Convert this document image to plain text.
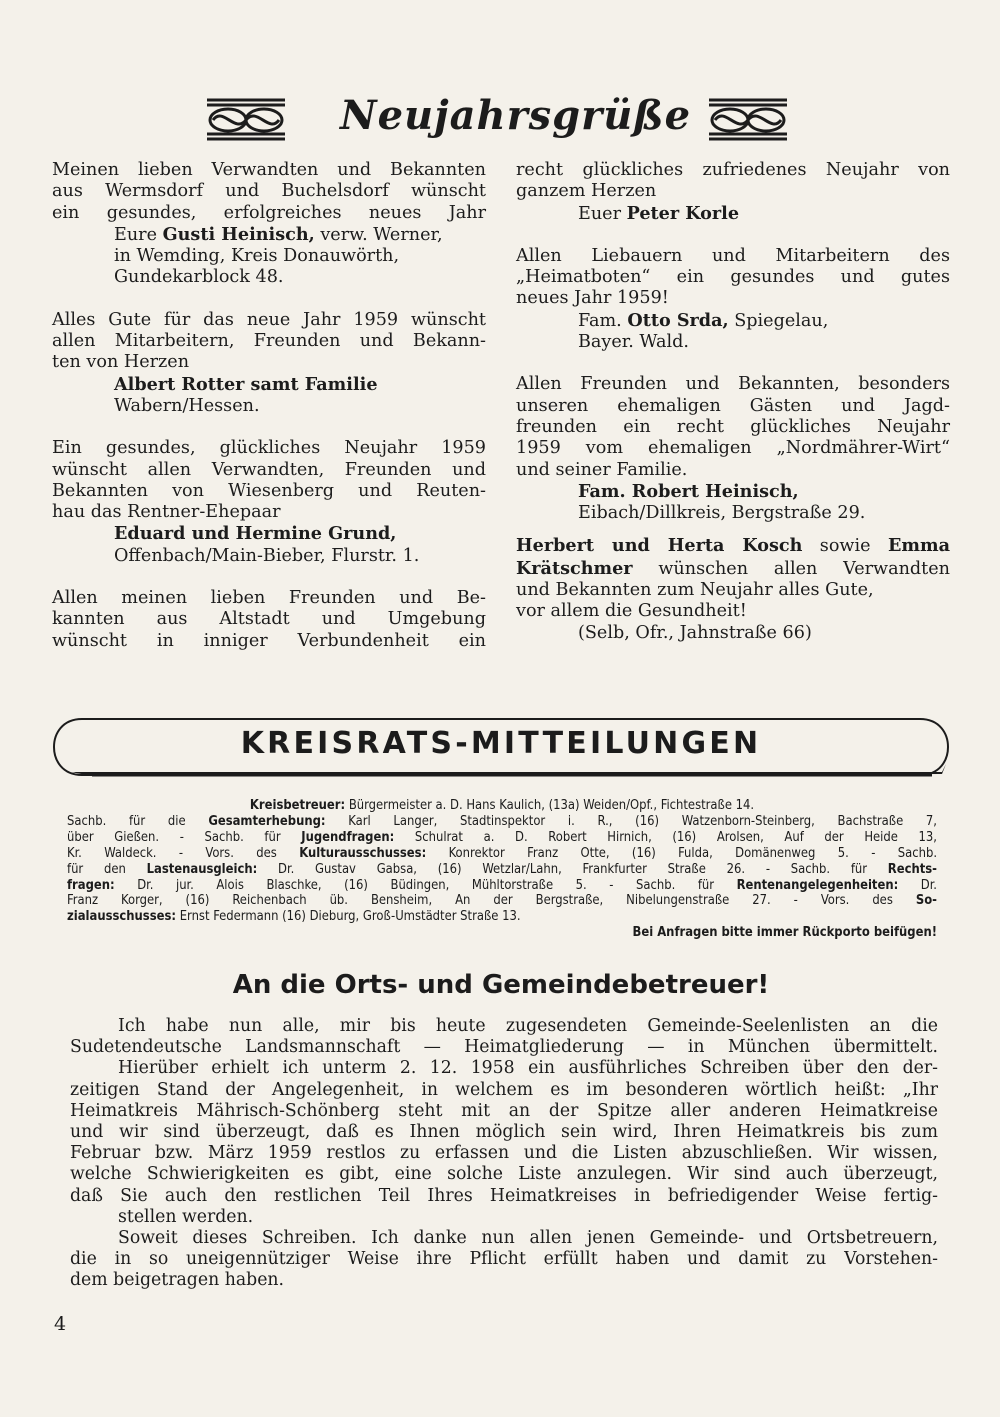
Neujahrsgrüße

Meinen lieben Verwandten und Bekannten

aus Wermsdorf und Buchelsdorf wünscht

ein gesundes, erfolgreiches neues Jahr

Eure Gusti Heinisch, verw. Werner,

in Wemding, Kreis Donauwörth,

Gundekarblock 48.

Alles Gute für das neue Jahr 1959 wünscht

allen Mitarbeitern, Freunden und Bekann-

ten von Herzen

Albert Rotter samt Familie

Wabern/Hessen.

Ein gesundes, glückliches Neujahr 1959

wünscht allen Verwandten, Freunden und

Bekannten von Wiesenberg und Reuten-

hau das Rentner-Ehepaar

Eduard und Hermine Grund,

Offenbach/Main-Bieber, Flurstr. 1.

Allen meinen lieben Freunden und Be-

kannten aus Altstadt und Umgebung

wünscht in inniger Verbundenheit ein

recht glückliches zufriedenes Neujahr von

ganzem Herzen

Euer Peter Korle

Allen Liebauern und Mitarbeitern des

„Heimatboten“ ein gesundes und gutes

neues Jahr 1959!

Fam. Otto Srda, Spiegelau,

Bayer. Wald.

Allen Freunden und Bekannten, besonders

unseren ehemaligen Gästen und Jagd-

freunden ein recht glückliches Neujahr

1959 vom ehemaligen „Nordmährer-Wirt“

und seiner Familie.

Fam. Robert Heinisch,

Eibach/Dillkreis, Bergstraße 29.

Herbert und Herta Kosch sowie Emma

Krätschmer wünschen allen Verwandten

und Bekannten zum Neujahr alles Gute,

vor allem die Gesundheit!

(Selb, Ofr., Jahnstraße 66)

KREISRATS-MITTEILUNGEN
Kreisbetreuer: Bürgermeister a. D. Hans Kaulich, (13a) Weiden/Opf., Fichtestraße 14.
Sachb. für die Gesamterhebung: Karl Langer, Stadtinspektor i. R., (16) Watzenborn-Steinberg, Bachstraße 7,
über Gießen. - Sachb. für Jugendfragen: Schulrat a. D. Robert Hirnich, (16) Arolsen, Auf der Heide 13,
Kr. Waldeck. - Vors. des Kulturausschusses: Konrektor Franz Otte, (16) Fulda, Domänenweg 5. - Sachb.
für den Lastenausgleich: Dr. Gustav Gabsa, (16) Wetzlar/Lahn, Frankfurter Straße 26. - Sachb. für Rechts-
fragen: Dr. jur. Alois Blaschke, (16) Büdingen, Mühltorstraße 5. - Sachb. für Rentenangelegenheiten: Dr.
Franz Korger, (16) Reichenbach üb. Bensheim, An der Bergstraße, Nibelungenstraße 27. - Vors. des So-
zialausschusses: Ernst Federmann (16) Dieburg, Groß-Umstädter Straße 13.
Bei Anfragen bitte immer Rückporto beifügen!
An die Orts- und Gemeindebetreuer!
Ich habe nun alle, mir bis heute zugesendeten Gemeinde-Seelenlisten an die
Sudetendeutsche Landsmannschaft — Heimatgliederung — in München übermittelt.
Hierüber erhielt ich unterm 2. 12. 1958 ein ausführliches Schreiben über den der-
zeitigen Stand der Angelegenheit, in welchem es im besonderen wörtlich heißt: „Ihr
Heimatkreis Mährisch-Schönberg steht mit an der Spitze aller anderen Heimatkreise
und wir sind überzeugt, daß es Ihnen möglich sein wird, Ihren Heimatkreis bis zum
Februar bzw. März 1959 restlos zu erfassen und die Listen abzuschließen. Wir wissen,
welche Schwierigkeiten es gibt, eine solche Liste anzulegen. Wir sind auch überzeugt,
daß Sie auch den restlichen Teil Ihres Heimatkreises in befriedigender Weise fertig-
stellen werden.
Soweit dieses Schreiben. Ich danke nun allen jenen Gemeinde- und Ortsbetreuern,
die in so uneigennütziger Weise ihre Pflicht erfüllt haben und damit zu Vorstehen-
dem beigetragen haben.
4
